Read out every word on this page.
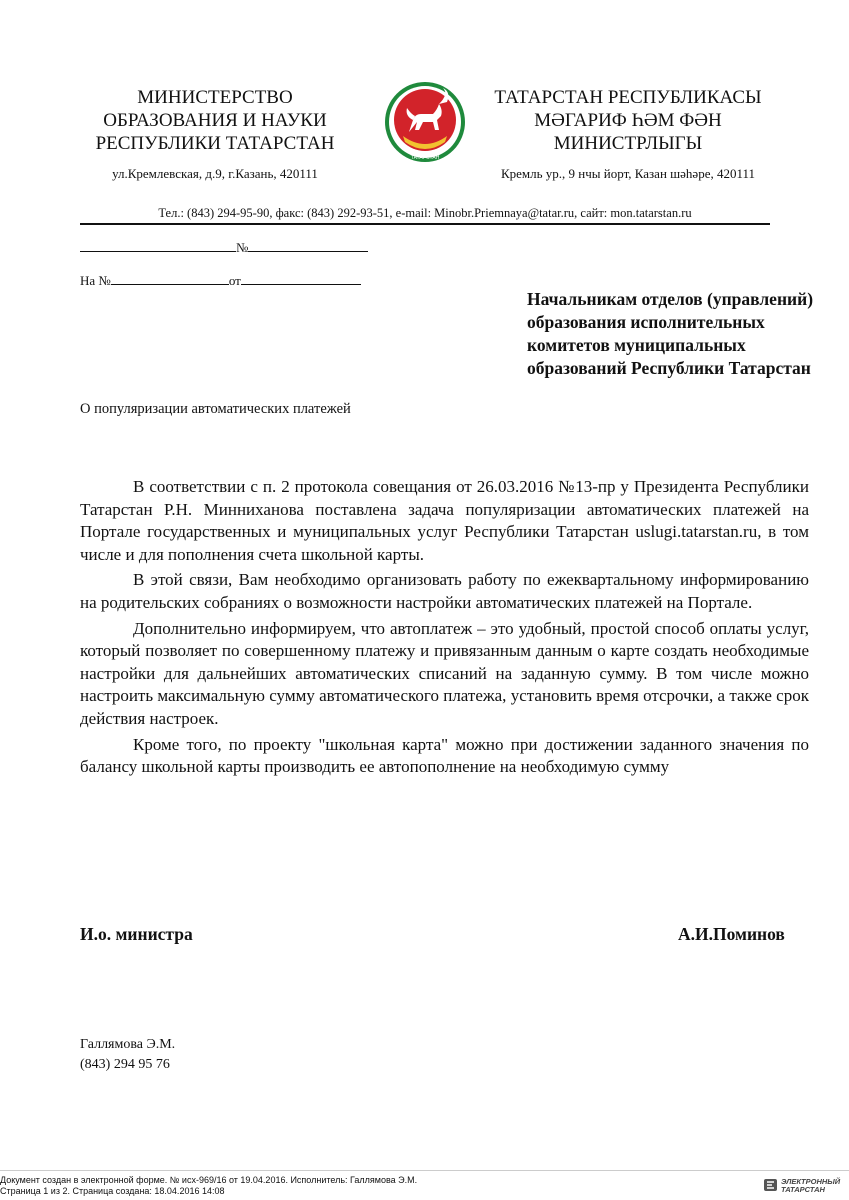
МИНИСТЕРСТВО
ОБРАЗОВАНИЯ И НАУКИ
РЕСПУБЛИКИ ТАТАРСТАН
ТАТАРСТАН
ТАТАРСТАН РЕСПУБЛИКАСЫ
МӘГАРИФ ҺӘМ ФӘН
МИНИСТРЛЫГЫ
ул.Кремлевская, д.9, г.Казань, 420111	Кремль ур., 9 нчы йорт, Казан шәһәре, 420111
Тел.: (843) 294-95-90, факс: (843) 292-93-51, e-mail: Minobr.Priemnaya@tatar.ru, сайт: mon.tatarstan.ru
№
На №	от
Начальникам отделов (управлений) образования исполнительных комитетов муниципальных образований Республики Татарстан
О популяризации автоматических платежей

В соответствии с п. 2 протокола совещания от 26.03.2016 №13-пр у Президента Республики Татарстан Р.Н. Минниханова поставлена задача популяризации автоматических платежей на Портале государственных и муниципальных услуг Республики Татарстан uslugi.tatarstan.ru, в том числе и для пополнения счета школьной карты.

В этой связи, Вам необходимо организовать работу по ежеквартальному информированию на родительских собраниях о возможности настройки автоматических платежей на Портале.

Дополнительно информируем, что автоплатеж – это удобный, простой способ оплаты услуг, который позволяет по совершенному платежу и привязанным данным о карте создать необходимые настройки для дальнейших автоматических списаний на заданную сумму. В том числе можно настроить максимальную сумму автоматического платежа, установить время отсрочки, а также срок действия настроек.

Кроме того, по проекту "школьная карта" можно при достижении заданного значения по балансу школьной карты производить ее автопополнение на необходимую сумму

И.о. министра	А.И.Поминов
Галлямова Э.М.
(843) 294 95 76
Документ создан в электронной форме. № исх-969/16 от 19.04.2016. Исполнитель: Галлямова Э.М.
Страница 1 из 2. Страница создана: 18.04.2016 14:08
ЭЛЕКТРОННЫЙ
ТАТАРСТАН
